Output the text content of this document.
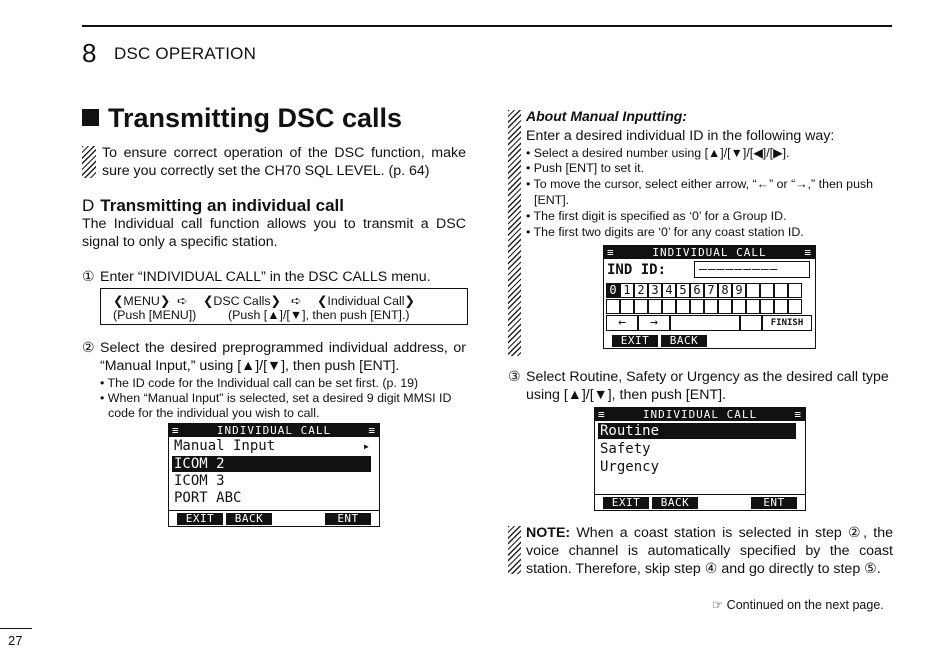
8 DSC OPERATION
Transmitting DSC calls
To ensure correct operation of the DSC function, make sure you correctly set the CH70 SQL LEVEL. (p. 64)
D Transmitting an individual call
The Individual call function allows you to transmit a DSC signal to only a specific station.
① Enter “INDIVIDUAL CALL” in the DSC CALLS menu.
❮MENU❯ ➪ ❮DSC Calls❯ ➪ ❮Individual Call❯
(Push [MENU])	(Push [▲]/[▼], then push [ENT].)
② Select the desired preprogrammed individual address, or “Manual Input,” using [▲]/[▼], then push [ENT].
• The ID code for the Individual call can be set first. (p. 19)
• When “Manual Input” is selected, set a desired 9 digit MMSI ID
code for the individual you wish to call.
≡	INDIVIDUAL CALL	≡
Manual Input	▸
ICOM 2
ICOM 3
PORT ABC
EXIT	BACK	ENT
About Manual Inputting:
Enter a desired individual ID in the following way:
• Select a desired number using [▲]/[▼]/[◀]/[▶].
• Push [ENT] to set it.
• To move the cursor, select either arrow, “←” or “→,” then push
[ENT].
• The first digit is specified as ‘0’ for a Group ID.
• The first two digits are ‘0’ for any coast station ID.
≡	INDIVIDUAL CALL	≡
IND ID:	–––––––––
0 1 2 3 4 5 6 7 8 9
←	→	FINISH
EXIT	BACK
③ Select Routine, Safety or Urgency as the desired call type using [▲]/[▼], then push [ENT].
≡	INDIVIDUAL CALL	≡
Routine
Safety
Urgency
EXIT	BACK	ENT
NOTE: When a coast station is selected in step ②, the voice channel is automatically specified by the coast station. Therefore, skip step ④ and go directly to step ⑤.
☞ Continued on the next page.
27
